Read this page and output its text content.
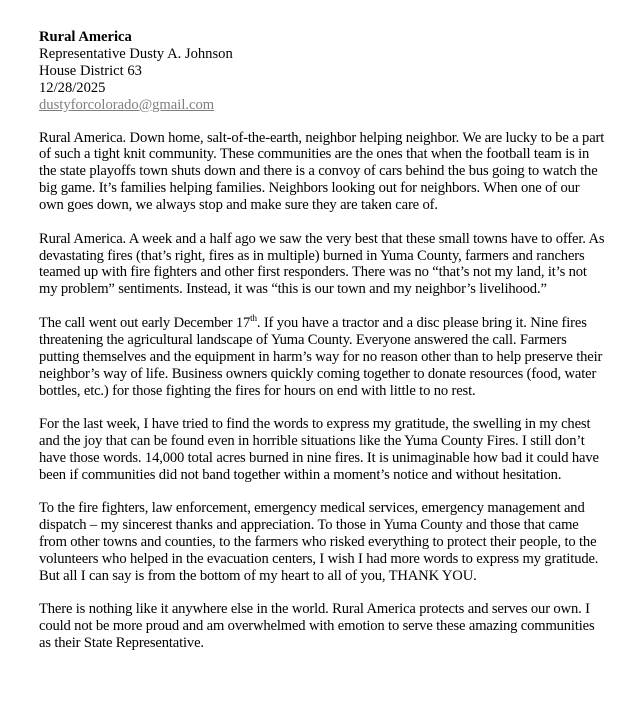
Rural America
Representative Dusty A. Johnson
House District 63
12/28/2025
dustyforcolorado@gmail.com

Rural America. Down home, salt-of-the-earth, neighbor helping neighbor. We are lucky to be a part of such a tight knit community. These communities are the ones that when the football team is in the state playoffs town shuts down and there is a convoy of cars behind the bus going to watch the big game. It’s families helping families. Neighbors looking out for neighbors. When one of our own goes down, we always stop and make sure they are taken care of.

Rural America. A week and a half ago we saw the very best that these small towns have to offer. As devastating fires (that’s right, fires as in multiple) burned in Yuma County, farmers and ranchers teamed up with fire fighters and other first responders. There was no “that’s not my land, it’s not my problem” sentiments. Instead, it was “this is our town and my neighbor’s livelihood.”

The call went out early December 17th. If you have a tractor and a disc please bring it. Nine fires threatening the agricultural landscape of Yuma County. Everyone answered the call. Farmers putting themselves and the equipment in harm’s way for no reason other than to help preserve their neighbor’s way of life. Business owners quickly coming together to donate resources (food, water bottles, etc.) for those fighting the fires for hours on end with little to no rest.

For the last week, I have tried to find the words to express my gratitude, the swelling in my chest and the joy that can be found even in horrible situations like the Yuma County Fires. I still don’t have those words. 14,000 total acres burned in nine fires. It is unimaginable how bad it could have been if communities did not band together within a moment’s notice and without hesitation.

To the fire fighters, law enforcement, emergency medical services, emergency management and dispatch – my sincerest thanks and appreciation. To those in Yuma County and those that came from other towns and counties, to the farmers who risked everything to protect their people, to the volunteers who helped in the evacuation centers, I wish I had more words to express my gratitude. But all I can say is from the bottom of my heart to all of you, THANK YOU.

There is nothing like it anywhere else in the world. Rural America protects and serves our own. I could not be more proud and am overwhelmed with emotion to serve these amazing communities as their State Representative.
